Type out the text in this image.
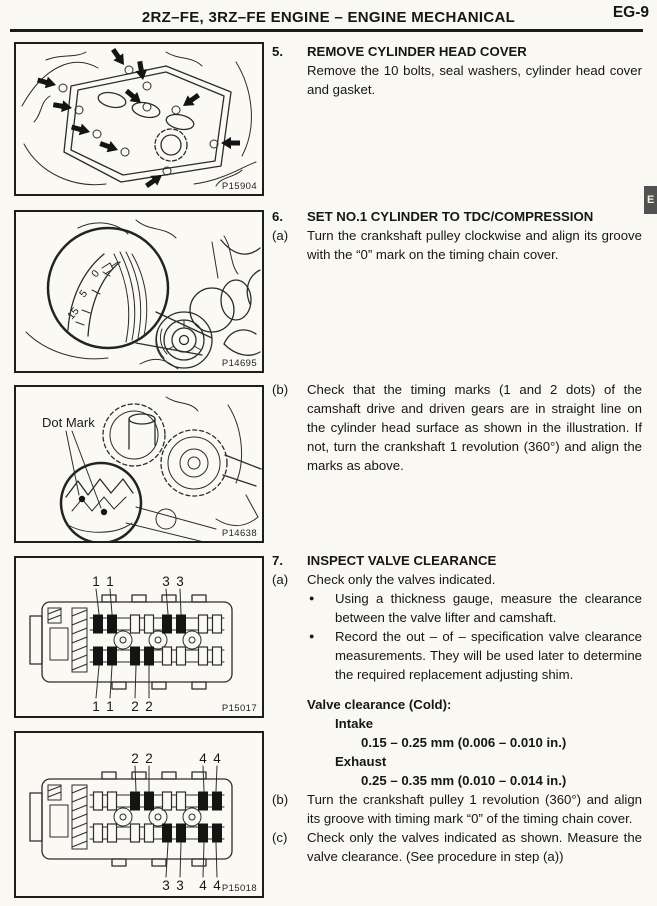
2RZ–FE, 3RZ–FE ENGINE – ENGINE MECHANICAL	EG-9
E
P15904
15
5
0
P14695
Dot Mark
P14638
1 1	3 3
1 1 2 2	P15017
2 2	4 4
3 3 4 4 P15018
5.	REMOVE CYLINDER HEAD COVER
Remove the 10 bolts, seal washers, cylinder head cover and gasket.
6.	SET NO.1 CYLINDER TO TDC/COMPRESSION
(a)	Turn the crankshaft pulley clockwise and align its groove with the “0” mark on the timing chain cover.
(b)	Check that the timing marks (1 and 2 dots) of the camshaft drive and driven gears are in straight line on the cylinder head surface as shown in the illustration. If not, turn the crankshaft 1 revolution (360°) and align the marks as above.
7.	INSPECT VALVE CLEARANCE
(a)	Check only the valves indicated.
●	Using a thickness gauge, measure the clearance between the valve lifter and camshaft.
●	Record the out – of – specification valve clearance measurements. They will be used later to determine the required replacement adjusting shim.
Valve clearance (Cold):
Intake
0.15 – 0.25 mm (0.006 – 0.010 in.)
Exhaust
0.25 – 0.35 mm (0.010 – 0.014 in.)
(b)	Turn the crankshaft pulley 1 revolution (360°) and align its groove with timing mark “0” of the timing chain cover.
(c)	Check only the valves indicated as shown. Measure the valve clearance. (See procedure in step (a))
